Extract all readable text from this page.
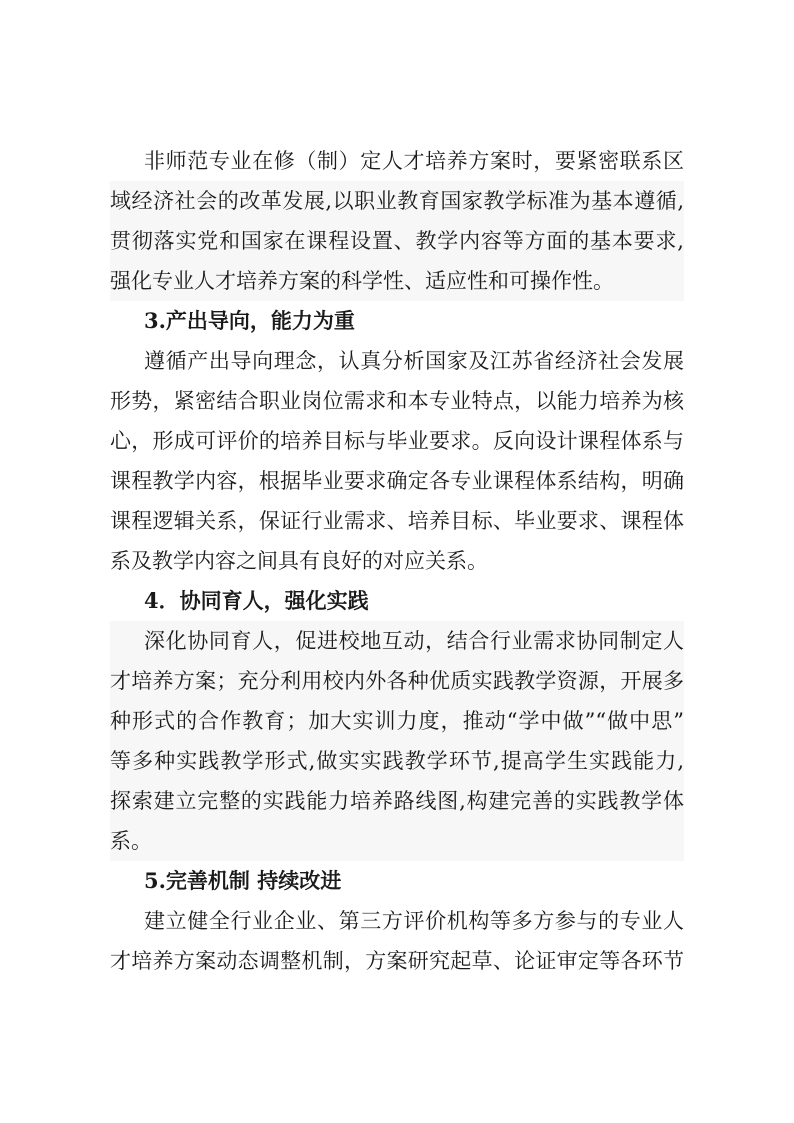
非师范专业在修（制）定人才培养方案时，要紧密联系区
域经济社会的改革发展,以职业教育国家教学标准为基本遵循,
贯彻落实党和国家在课程设置、教学内容等方面的基本要求,
强化专业人才培养方案的科学性、适应性和可操作性。
3.产出导向，能力为重
遵循产出导向理念，认真分析国家及江苏省经济社会发展
形势，紧密结合职业岗位需求和本专业特点，以能力培养为核
心，形成可评价的培养目标与毕业要求。反向设计课程体系与
课程教学内容，根据毕业要求确定各专业课程体系结构，明确
课程逻辑关系，保证行业需求、培养目标、毕业要求、课程体
系及教学内容之间具有良好的对应关系。
4．协同育人，强化实践
深化协同育人，促进校地互动，结合行业需求协同制定人
才培养方案；充分利用校内外各种优质实践教学资源，开展多
种形式的合作教育；加大实训力度，推动“学中做”“做中思”
等多种实践教学形式,做实实践教学环节,提高学生实践能力,
探索建立完整的实践能力培养路线图,构建完善的实践教学体
系。
5.完善机制 持续改进
建立健全行业企业、第三方评价机构等多方参与的专业人
才培养方案动态调整机制，方案研究起草、论证审定等各环节
